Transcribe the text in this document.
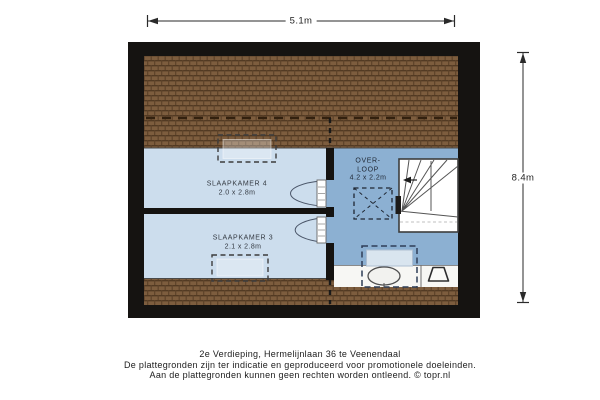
5.1m
8.4m
SLAAPKAMER 4
2.0 x 2.8m
SLAAPKAMER 3
2.1 x 2.8m
OVER-
LOOP
4.2 x 2.2m
2e Verdieping, Hermelijnlaan 36 te Veenendaal
De plattegronden zijn ter indicatie en geproduceerd voor promotionele doeleinden.
Aan de plattegronden kunnen geen rechten worden ontleend. © topr.nl
